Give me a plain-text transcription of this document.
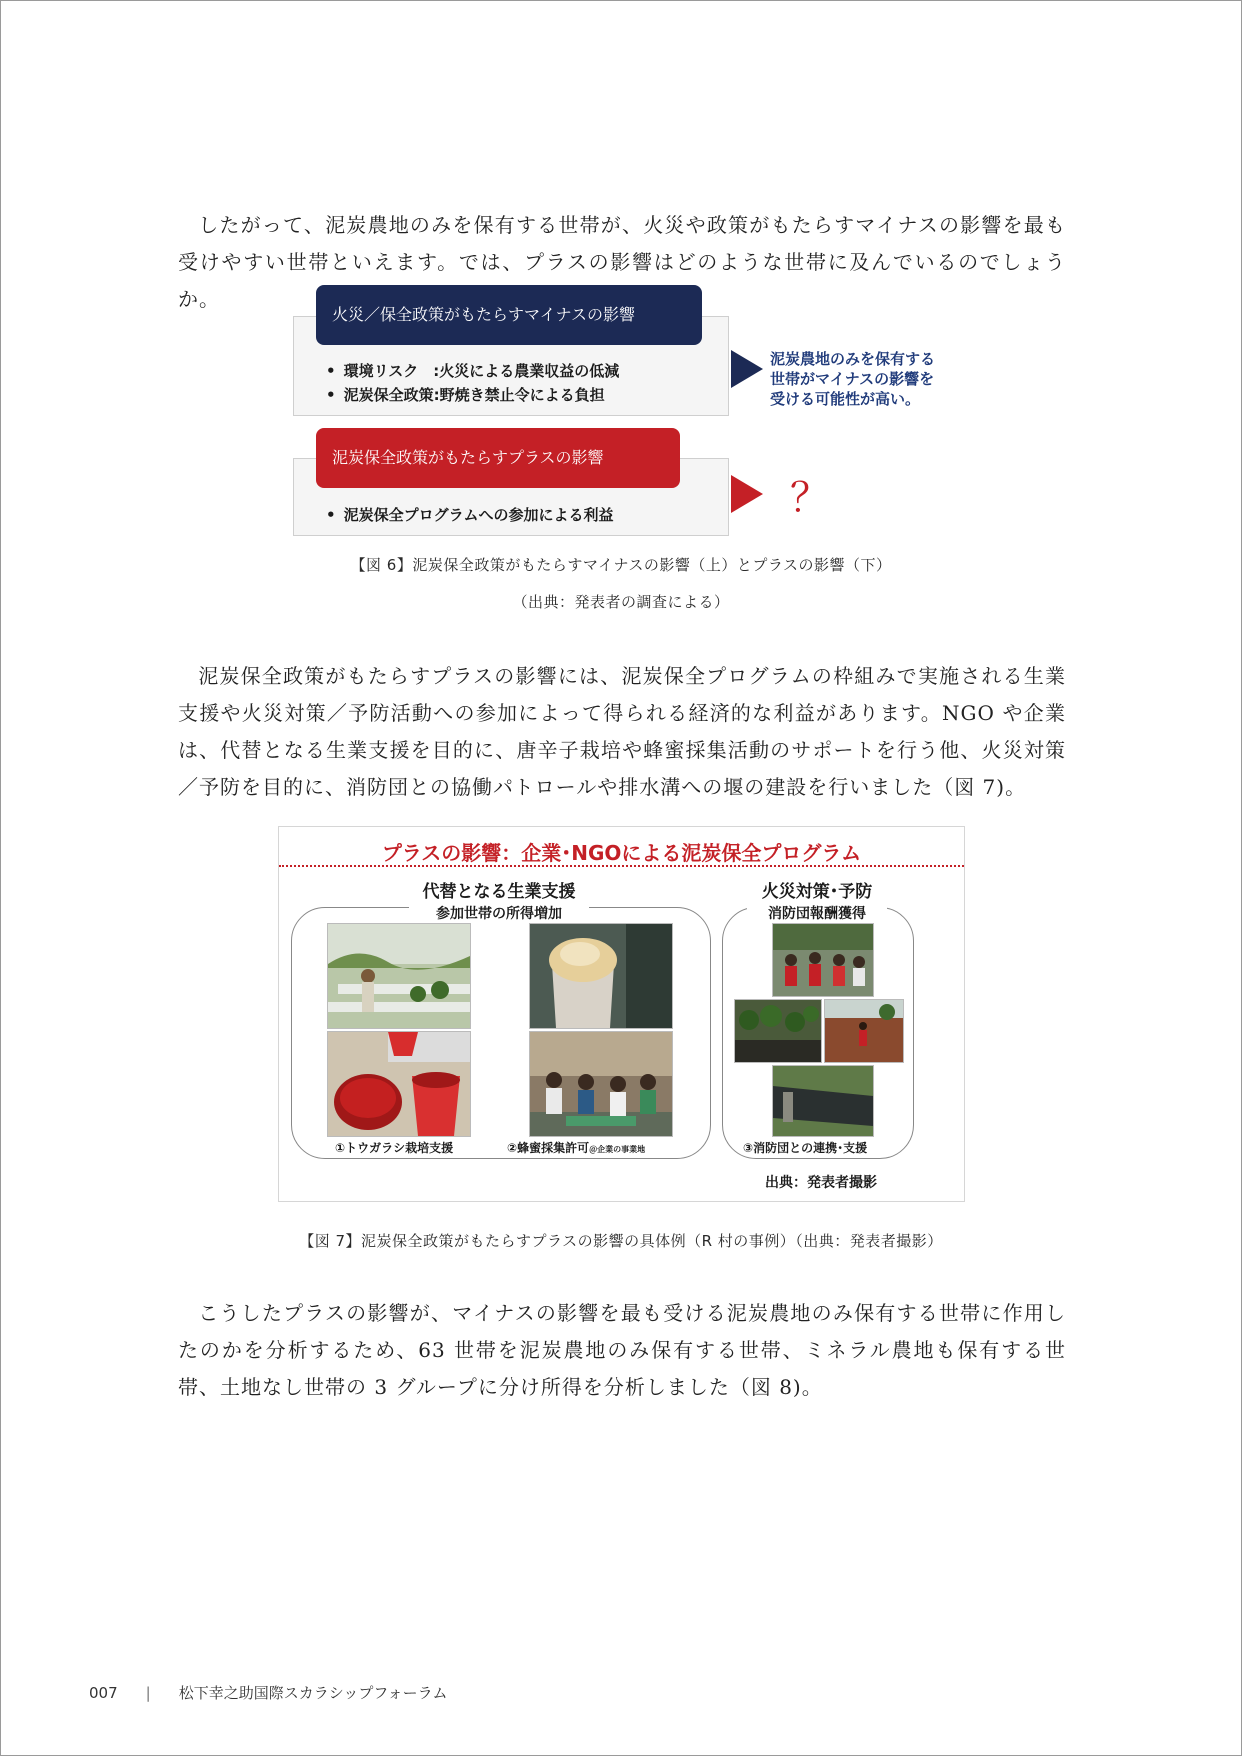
したがって、泥炭農地のみを保有する世帯が、火災や政策がもたらすマイナスの影響を最も受けやすい世帯といえます。では、プラスの影響はどのような世帯に及んでいるのでしょうか。

火災／保全政策がもたらすマイナスの影響
• 環境リスク　:火災による農業収益の低減
• 泥炭保全政策:野焼き禁止令による負担
泥炭農地のみを保有する
世帯がマイナスの影響を
受ける可能性が高い。
泥炭保全政策がもたらすプラスの影響
• 泥炭保全プログラムへの参加による利益	？
【図 6】泥炭保全政策がもたらすマイナスの影響（上）とプラスの影響（下）
（出典：発表者の調査による）

泥炭保全政策がもたらすプラスの影響には、泥炭保全プログラムの枠組みで実施される生業支援や火災対策／予防活動への参加によって得られる経済的な利益があります。NGO や企業は、代替となる生業支援を目的に、唐辛子栽培や蜂蜜採集活動のサポートを行う他、火災対策／予防を目的に、消防団との協働パトロールや排水溝への堰の建設を行いました（図 7)。

プラスの影響：企業･NGOによる泥炭保全プログラム
代替となる生業支援
参加世帯の所得増加
①トウガラシ栽培支援	②蜂蜜採集許可＠企業の事業地
火災対策･予防
消防団報酬獲得
③消防団との連携･支援
出典：発表者撮影
【図 7】泥炭保全政策がもたらすプラスの影響の具体例（R 村の事例）（出典：発表者撮影）

こうしたプラスの影響が、マイナスの影響を最も受ける泥炭農地のみ保有する世帯に作用したのかを分析するため、63 世帯を泥炭農地のみ保有する世帯、ミネラル農地も保有する世帯、土地なし世帯の 3 グループに分け所得を分析しました（図 8)。

007 | 松下幸之助国際スカラシップフォーラム
